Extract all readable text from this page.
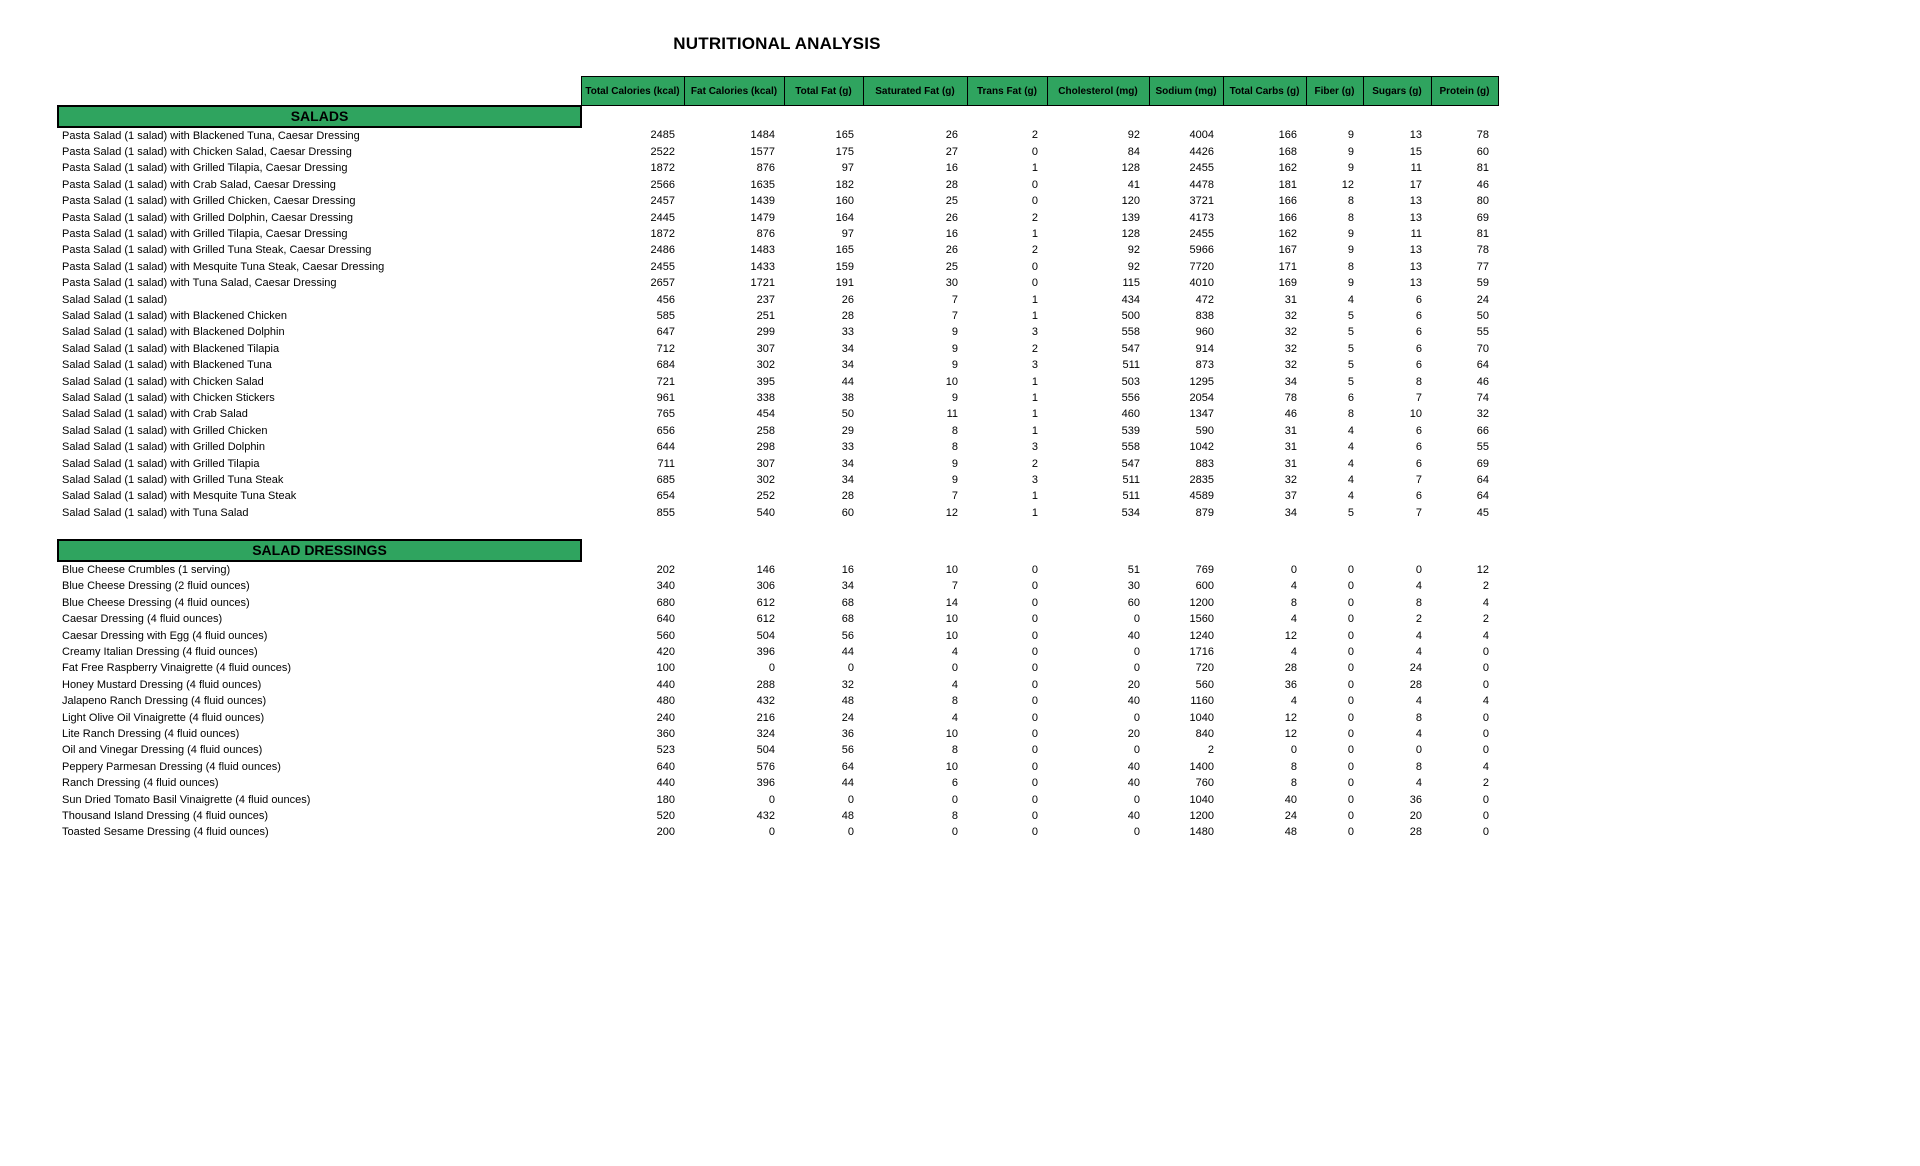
NUTRITIONAL ANALYSIS
	Total Calories (kcal)	Fat Calories (kcal)	Total Fat (g)	Saturated Fat (g)	Trans Fat (g)	Cholesterol (mg)	Sodium (mg)	Total Carbs (g)	Fiber (g)	Sugars (g)	Protein (g)
SALADS											
Pasta Salad (1 salad) with Blackened Tuna, Caesar Dressing	2485	1484	165	26	2	92	4004	166	9	13	78
Pasta Salad (1 salad) with Chicken Salad, Caesar Dressing	2522	1577	175	27	0	84	4426	168	9	15	60
Pasta Salad (1 salad) with Grilled Tilapia, Caesar Dressing	1872	876	97	16	1	128	2455	162	9	11	81
Pasta Salad (1 salad) with Crab Salad, Caesar Dressing	2566	1635	182	28	0	41	4478	181	12	17	46
Pasta Salad (1 salad) with Grilled Chicken, Caesar Dressing	2457	1439	160	25	0	120	3721	166	8	13	80
Pasta Salad (1 salad) with Grilled Dolphin, Caesar Dressing	2445	1479	164	26	2	139	4173	166	8	13	69
Pasta Salad (1 salad) with Grilled Tilapia, Caesar Dressing	1872	876	97	16	1	128	2455	162	9	11	81
Pasta Salad (1 salad) with Grilled Tuna Steak, Caesar Dressing	2486	1483	165	26	2	92	5966	167	9	13	78
Pasta Salad (1 salad) with Mesquite Tuna Steak, Caesar Dressing	2455	1433	159	25	0	92	7720	171	8	13	77
Pasta Salad (1 salad) with Tuna Salad, Caesar Dressing	2657	1721	191	30	0	115	4010	169	9	13	59
Salad Salad (1 salad)	456	237	26	7	1	434	472	31	4	6	24
Salad Salad (1 salad) with Blackened Chicken	585	251	28	7	1	500	838	32	5	6	50
Salad Salad (1 salad) with Blackened Dolphin	647	299	33	9	3	558	960	32	5	6	55
Salad Salad (1 salad) with Blackened Tilapia	712	307	34	9	2	547	914	32	5	6	70
Salad Salad (1 salad) with Blackened Tuna	684	302	34	9	3	511	873	32	5	6	64
Salad Salad (1 salad) with Chicken Salad	721	395	44	10	1	503	1295	34	5	8	46
Salad Salad (1 salad) with Chicken Stickers	961	338	38	9	1	556	2054	78	6	7	74
Salad Salad (1 salad) with Crab Salad	765	454	50	11	1	460	1347	46	8	10	32
Salad Salad (1 salad) with Grilled Chicken	656	258	29	8	1	539	590	31	4	6	66
Salad Salad (1 salad) with Grilled Dolphin	644	298	33	8	3	558	1042	31	4	6	55
Salad Salad (1 salad) with Grilled Tilapia	711	307	34	9	2	547	883	31	4	6	69
Salad Salad (1 salad) with Grilled Tuna Steak	685	302	34	9	3	511	2835	32	4	7	64
Salad Salad (1 salad) with Mesquite Tuna Steak	654	252	28	7	1	511	4589	37	4	6	64
Salad Salad (1 salad) with Tuna Salad	855	540	60	12	1	534	879	34	5	7	45

SALAD DRESSINGS											
Blue Cheese Crumbles (1 serving)	202	146	16	10	0	51	769	0	0	0	12
Blue Cheese Dressing (2 fluid ounces)	340	306	34	7	0	30	600	4	0	4	2
Blue Cheese Dressing (4 fluid ounces)	680	612	68	14	0	60	1200	8	0	8	4
Caesar Dressing (4 fluid ounces)	640	612	68	10	0	0	1560	4	0	2	2
Caesar Dressing with Egg (4 fluid ounces)	560	504	56	10	0	40	1240	12	0	4	4
Creamy Italian Dressing (4 fluid ounces)	420	396	44	4	0	0	1716	4	0	4	0
Fat Free Raspberry Vinaigrette (4 fluid ounces)	100	0	0	0	0	0	720	28	0	24	0
Honey Mustard Dressing (4 fluid ounces)	440	288	32	4	0	20	560	36	0	28	0
Jalapeno Ranch Dressing (4 fluid ounces)	480	432	48	8	0	40	1160	4	0	4	4
Light Olive Oil Vinaigrette (4 fluid ounces)	240	216	24	4	0	0	1040	12	0	8	0
Lite Ranch Dressing (4 fluid ounces)	360	324	36	10	0	20	840	12	0	4	0
Oil and Vinegar Dressing (4 fluid ounces)	523	504	56	8	0	0	2	0	0	0	0
Peppery Parmesan Dressing (4 fluid ounces)	640	576	64	10	0	40	1400	8	0	8	4
Ranch Dressing (4 fluid ounces)	440	396	44	6	0	40	760	8	0	4	2
Sun Dried Tomato Basil Vinaigrette (4 fluid ounces)	180	0	0	0	0	0	1040	40	0	36	0
Thousand Island Dressing (4 fluid ounces)	520	432	48	8	0	40	1200	24	0	20	0
Toasted Sesame Dressing (4 fluid ounces)	200	0	0	0	0	0	1480	48	0	28	0
